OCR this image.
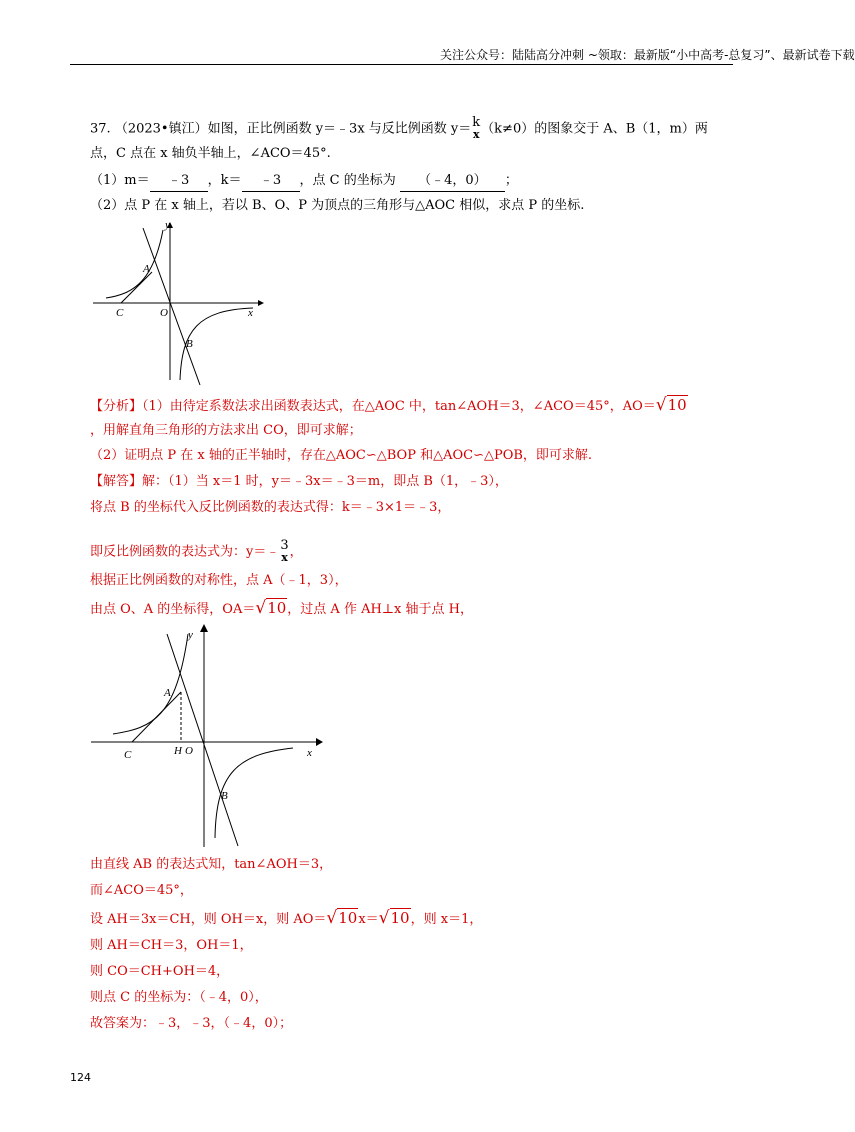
关注公众号：陆陆高分冲刺 ~领取：最新版“小中高考-总复习”、最新试卷下载
37. （2023•镇江）如图，正比例函数 y＝﹣3x 与反比例函数 y＝ k
x （k≠0）的图象交于 A、B（1，m）两
点，C 点在 x 轴负半轴上，∠ACO＝45°.
（1）m＝ ﹣3 ，k＝ ﹣3 ，点 C 的坐标为 （﹣4，0） ；
（2）点 P 在 x 轴上，若以 B、O、P 为顶点的三角形与△AOC 相似，求点 P 的坐标.
y
x
A
C	O
B
【分析】（1）由待定系数法求出函数表达式，在△AOC 中，tan∠AOH＝3，∠ACO＝45°，AO＝√10
，用解直角三角形的方法求出 CO，即可求解；
（2）证明点 P 在 x 轴的正半轴时，存在△AOC∽△BOP 和△AOC∽△POB，即可求解.
【解答】解：（1）当 x＝1 时，y＝﹣3x＝﹣3＝m，即点 B（1，﹣3），
将点 B 的坐标代入反比例函数的表达式得：k＝﹣3×1＝﹣3，
即反比例函数的表达式为：y＝﹣ 3
x ，
根据正比例函数的对称性，点 A（﹣1，3），
由点 O、A 的坐标得，OA＝√10，过点 A 作 AH⊥x 轴于点 H，
y
x
A
C	H O
B
由直线 AB 的表达式知，tan∠AOH＝3，
而∠ACO＝45°，
设 AH＝3x＝CH，则 OH＝x，则 AO＝√10x＝√10，则 x＝1，
则 AH＝CH＝3，OH＝1，
则 CO＝CH+OH＝4，
则点 C 的坐标为：（﹣4，0），
故答案为：﹣3，﹣3，（﹣4，0）；
124
